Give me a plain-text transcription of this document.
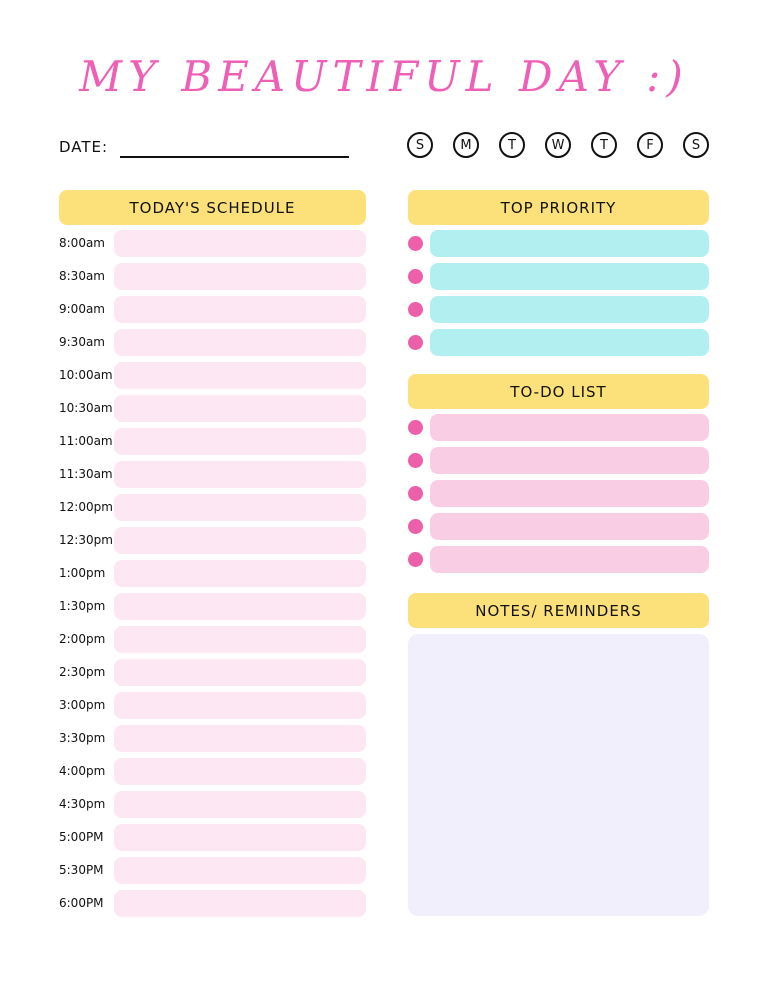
MY BEAUTIFUL DAY :)
DATE:	S	M	T	W	T	F	S
TODAY'S SCHEDULE
8:00am
8:30am
9:00am
9:30am
10:00am
10:30am
11:00am
11:30am
12:00pm
12:30pm
1:00pm
1:30pm
2:00pm
2:30pm
3:00pm
3:30pm
4:00pm
4:30pm
5:00PM
5:30PM
6:00PM
TOP PRIORITY
TO-DO LIST
NOTES/ REMINDERS
